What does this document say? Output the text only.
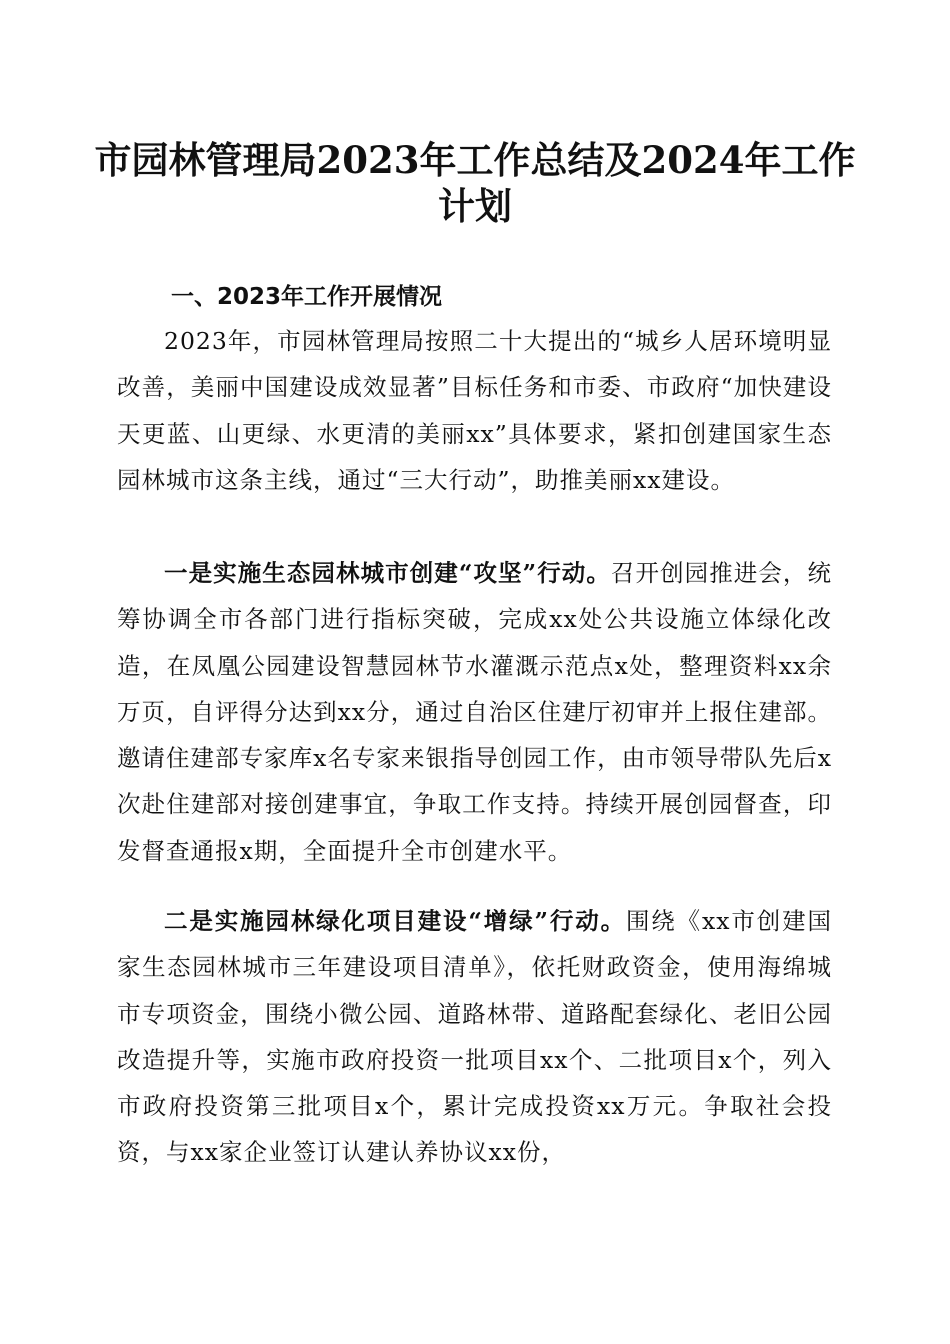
市园林管理局2023年工作总结及2024年工作
计划
一、2023年工作开展情况

2023年，市园林管理局按照二十大提出的“城乡人居环境明显改善，美丽中国建设成效显著”目标任务和市委、市政府“加快建设天更蓝、山更绿、水更清的美丽xx”具体要求，紧扣创建国家生态园林城市这条主线，通过“三大行动”，助推美丽xx建设。

一是实施生态园林城市创建“攻坚”行动。召开创园推进会，统筹协调全市各部门进行指标突破，完成xx处公共设施立体绿化改造，在凤凰公园建设智慧园林节水灌溉示范点x处，整理资料xx余万页，自评得分达到xx分，通过自治区住建厅初审并上报住建部。邀请住建部专家库x名专家来银指导创园工作，由市领导带队先后x次赴住建部对接创建事宜，争取工作支持。持续开展创园督查，印发督查通报x期，全面提升全市创建水平。

二是实施园林绿化项目建设“增绿”行动。围绕《xx市创建国家生态园林城市三年建设项目清单》，依托财政资金，使用海绵城市专项资金，围绕小微公园、道路林带、道路配套绿化、老旧公园改造提升等，实施市政府投资一批项目xx个、二批项目x个，列入市政府投资第三批项目x个，累计完成投资xx万元。争取社会投资，与xx家企业签订认建认养协议xx份，
